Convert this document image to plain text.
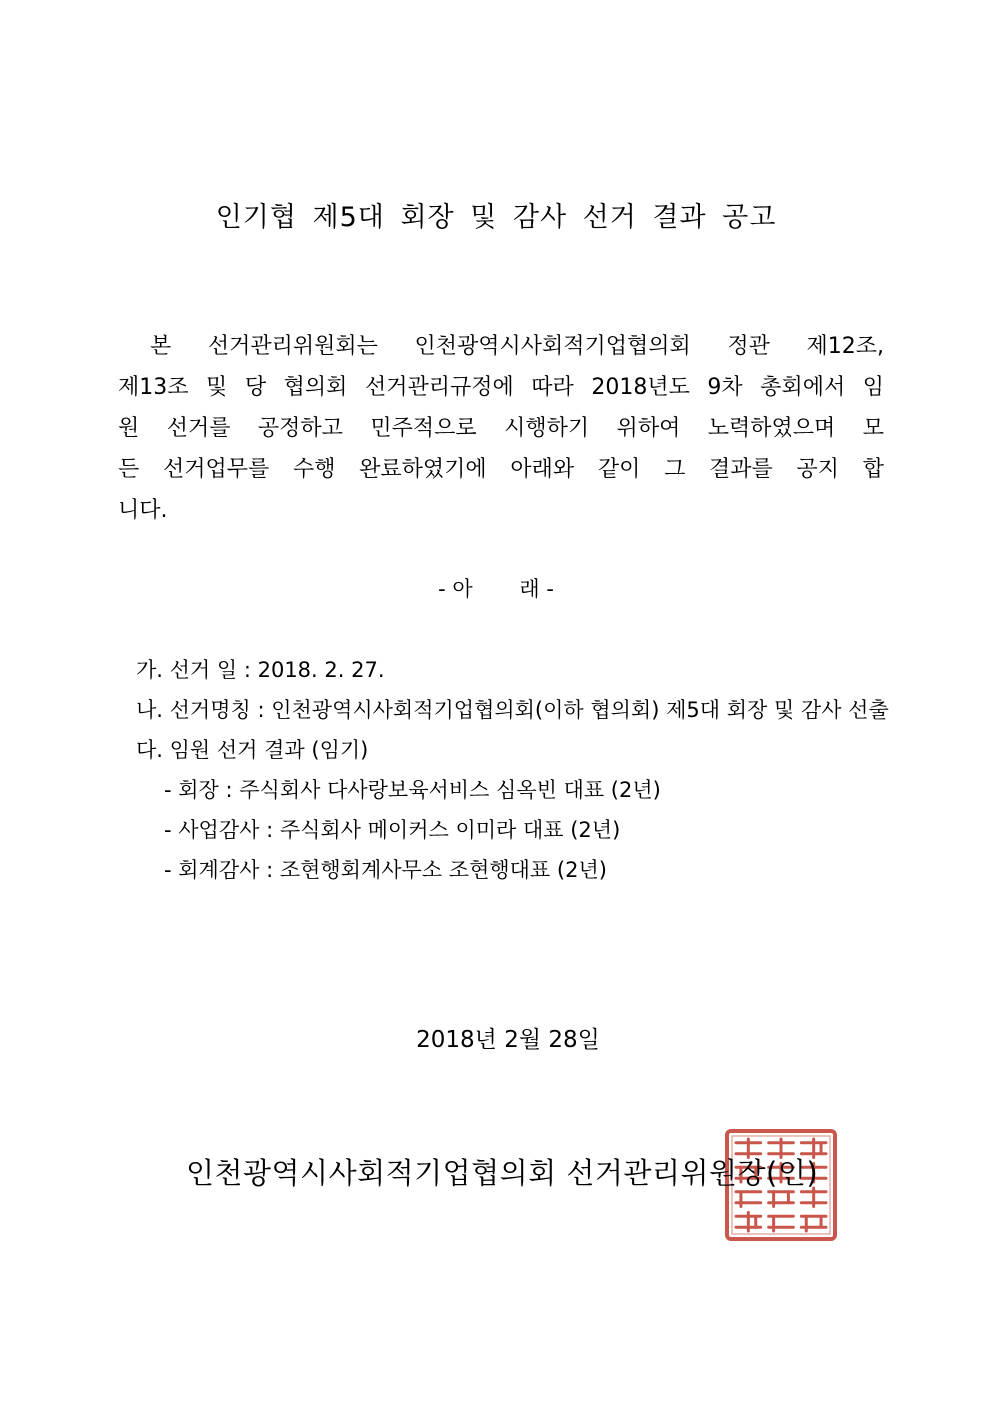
인기협 제5대 회장 및 감사 선거 결과 공고
본 선거관리위원회는 인천광역시사회적기업협의회 정관 제12조,
제13조 및 당 협의회 선거관리규정에 따라 2018년도 9차 총회에서 임
원 선거를 공정하고 민주적으로 시행하기 위하여 노력하였으며 모
든 선거업무를 수행 완료하였기에 아래와 같이 그 결과를 공지 합
니다.
- 아       래 -
가. 선거 일 : 2018. 2. 27.
나. 선거명칭 : 인천광역시사회적기업협의회(이하 협의회) 제5대 회장 및 감사 선출
다. 임원 선거 결과 (임기)
- 회장 : 주식회사 다사랑보육서비스 심옥빈 대표 (2년)
- 사업감사 : 주식회사 메이커스 이미라 대표 (2년)
- 회계감사 : 조현행회계사무소 조현행대표 (2년)
2018년 2월 28일
인천광역시사회적기업협의회 선거관리위원장(인)
